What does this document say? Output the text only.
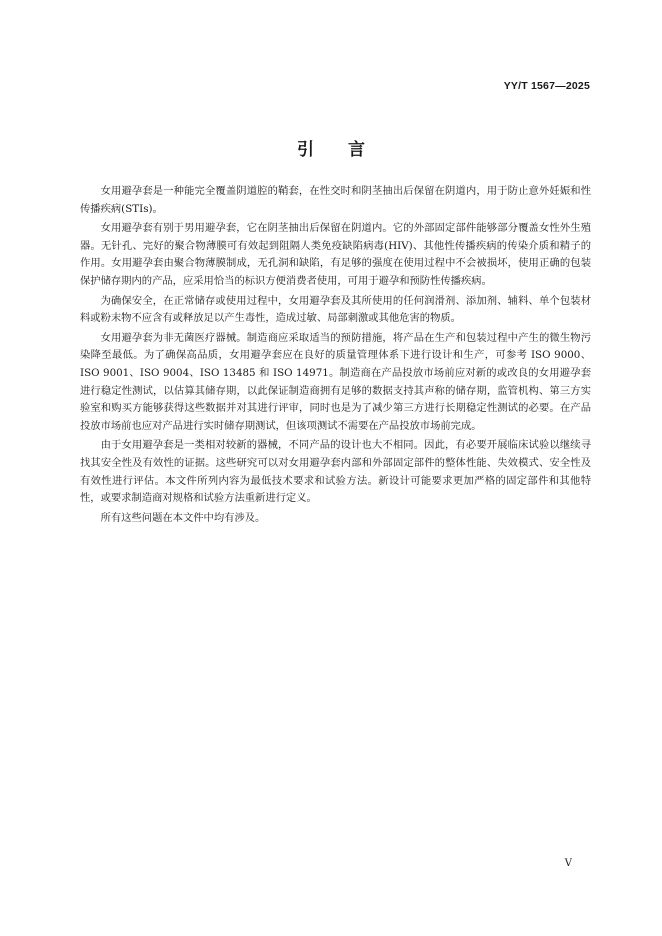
YY/T 1567—2025
引言

女用避孕套是一种能完全覆盖阴道腔的鞘套，在性交时和阴茎抽出后保留在阴道内，用于防止意外妊娠和性传播疾病(STIs)。

女用避孕套有别于男用避孕套，它在阴茎抽出后保留在阴道内。它的外部固定部件能够部分覆盖女性外生殖器。无针孔、完好的聚合物薄膜可有效起到阻隔人类免疫缺陷病毒(HIV)、其他性传播疾病的传染介质和精子的作用。女用避孕套由聚合物薄膜制成，无孔洞和缺陷，有足够的强度在使用过程中不会被损坏，使用正确的包装保护储存期内的产品，应采用恰当的标识方便消费者使用，可用于避孕和预防性传播疾病。

为确保安全，在正常储存或使用过程中，女用避孕套及其所使用的任何润滑剂、添加剂、辅料、单个包装材料或粉末物不应含有或释放足以产生毒性，造成过敏、局部刺激或其他危害的物质。

女用避孕套为非无菌医疗器械。制造商应采取适当的预防措施，将产品在生产和包装过程中产生的微生物污染降至最低。为了确保高品质，女用避孕套应在良好的质量管理体系下进行设计和生产，可参考 ISO 9000、ISO 9001、ISO 9004、ISO 13485 和 ISO 14971。制造商在产品投放市场前应对新的或改良的女用避孕套进行稳定性测试，以估算其储存期，以此保证制造商拥有足够的数据支持其声称的储存期，监管机构、第三方实验室和购买方能够获得这些数据并对其进行评审，同时也是为了减少第三方进行长期稳定性测试的必要。在产品投放市场前也应对产品进行实时储存期测试，但该项测试不需要在产品投放市场前完成。

由于女用避孕套是一类相对较新的器械，不同产品的设计也大不相同。因此，有必要开展临床试验以继续寻找其安全性及有效性的证据。这些研究可以对女用避孕套内部和外部固定部件的整体性能、失效模式、安全性及有效性进行评估。本文件所列内容为最低技术要求和试验方法。新设计可能要求更加严格的固定部件和其他特性，或要求制造商对规格和试验方法重新进行定义。

所有这些问题在本文件中均有涉及。

V
